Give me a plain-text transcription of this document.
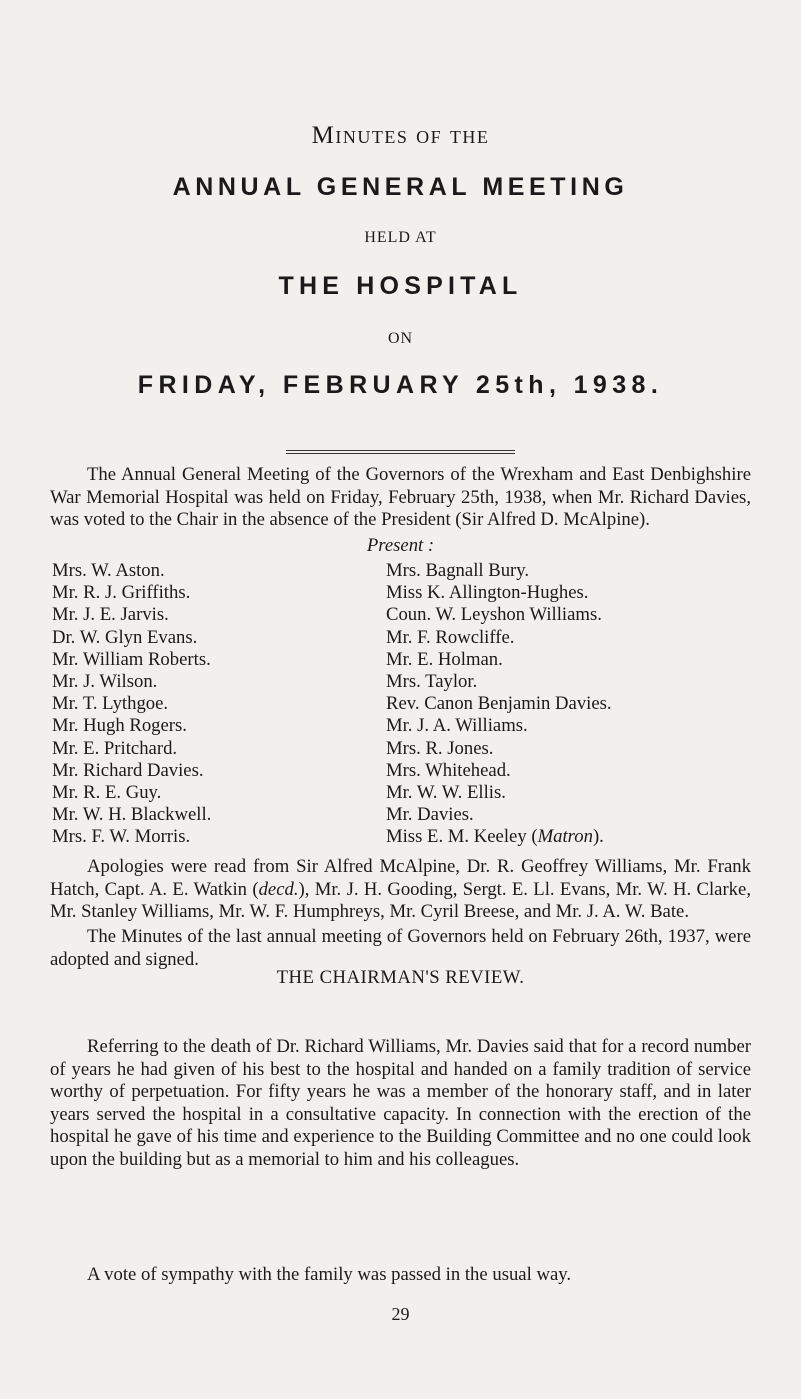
Minutes of the
ANNUAL GENERAL MEETING
HELD AT
THE HOSPITAL
ON
FRIDAY, FEBRUARY 25th, 1938.

The Annual General Meeting of the Governors of the Wrexham and East Denbighshire War Memorial Hospital was held on Friday, February 25th, 1938, when Mr. Richard Davies, was voted to the Chair in the absence of the President (Sir Alfred D. McAlpine).

Present :
Mrs. W. Aston.
Mr. R. J. Griffiths.
Mr. J. E. Jarvis.
Dr. W. Glyn Evans.
Mr. William Roberts.
Mr. J. Wilson.
Mr. T. Lythgoe.
Mr. Hugh Rogers.
Mr. E. Pritchard.
Mr. Richard Davies.
Mr. R. E. Guy.
Mr. W. H. Blackwell.
Mrs. F. W. Morris.
Mrs. Bagnall Bury.
Miss K. Allington-Hughes.
Coun. W. Leyshon Williams.
Mr. F. Rowcliffe.
Mr. E. Holman.
Mrs. Taylor.
Rev. Canon Benjamin Davies.
Mr. J. A. Williams.
Mrs. R. Jones.
Mrs. Whitehead.
Mr. W. W. Ellis.
Mr. Davies.
Miss E. M. Keeley (Matron).

Apologies were read from Sir Alfred McAlpine, Dr. R. Geoffrey Williams, Mr. Frank Hatch, Capt. A. E. Watkin (decd.), Mr. J. H. Gooding, Sergt. E. Ll. Evans, Mr. W. H. Clarke, Mr. Stanley Williams, Mr. W. F. Humphreys, Mr. Cyril Breese, and Mr. J. A. W. Bate.

The Minutes of the last annual meeting of Governors held on February 26th, 1937, were adopted and signed.

THE CHAIRMAN'S REVIEW.

Referring to the death of Dr. Richard Williams, Mr. Davies said that for a record number of years he had given of his best to the hospital and handed on a family tradition of service worthy of perpetuation. For fifty years he was a member of the honorary staff, and in later years served the hospital in a consultative capacity. In connection with the erection of the hospital he gave of his time and experience to the Building Committee and no one could look upon the building but as a memorial to him and his colleagues.

A vote of sympathy with the family was passed in the usual way.

29
